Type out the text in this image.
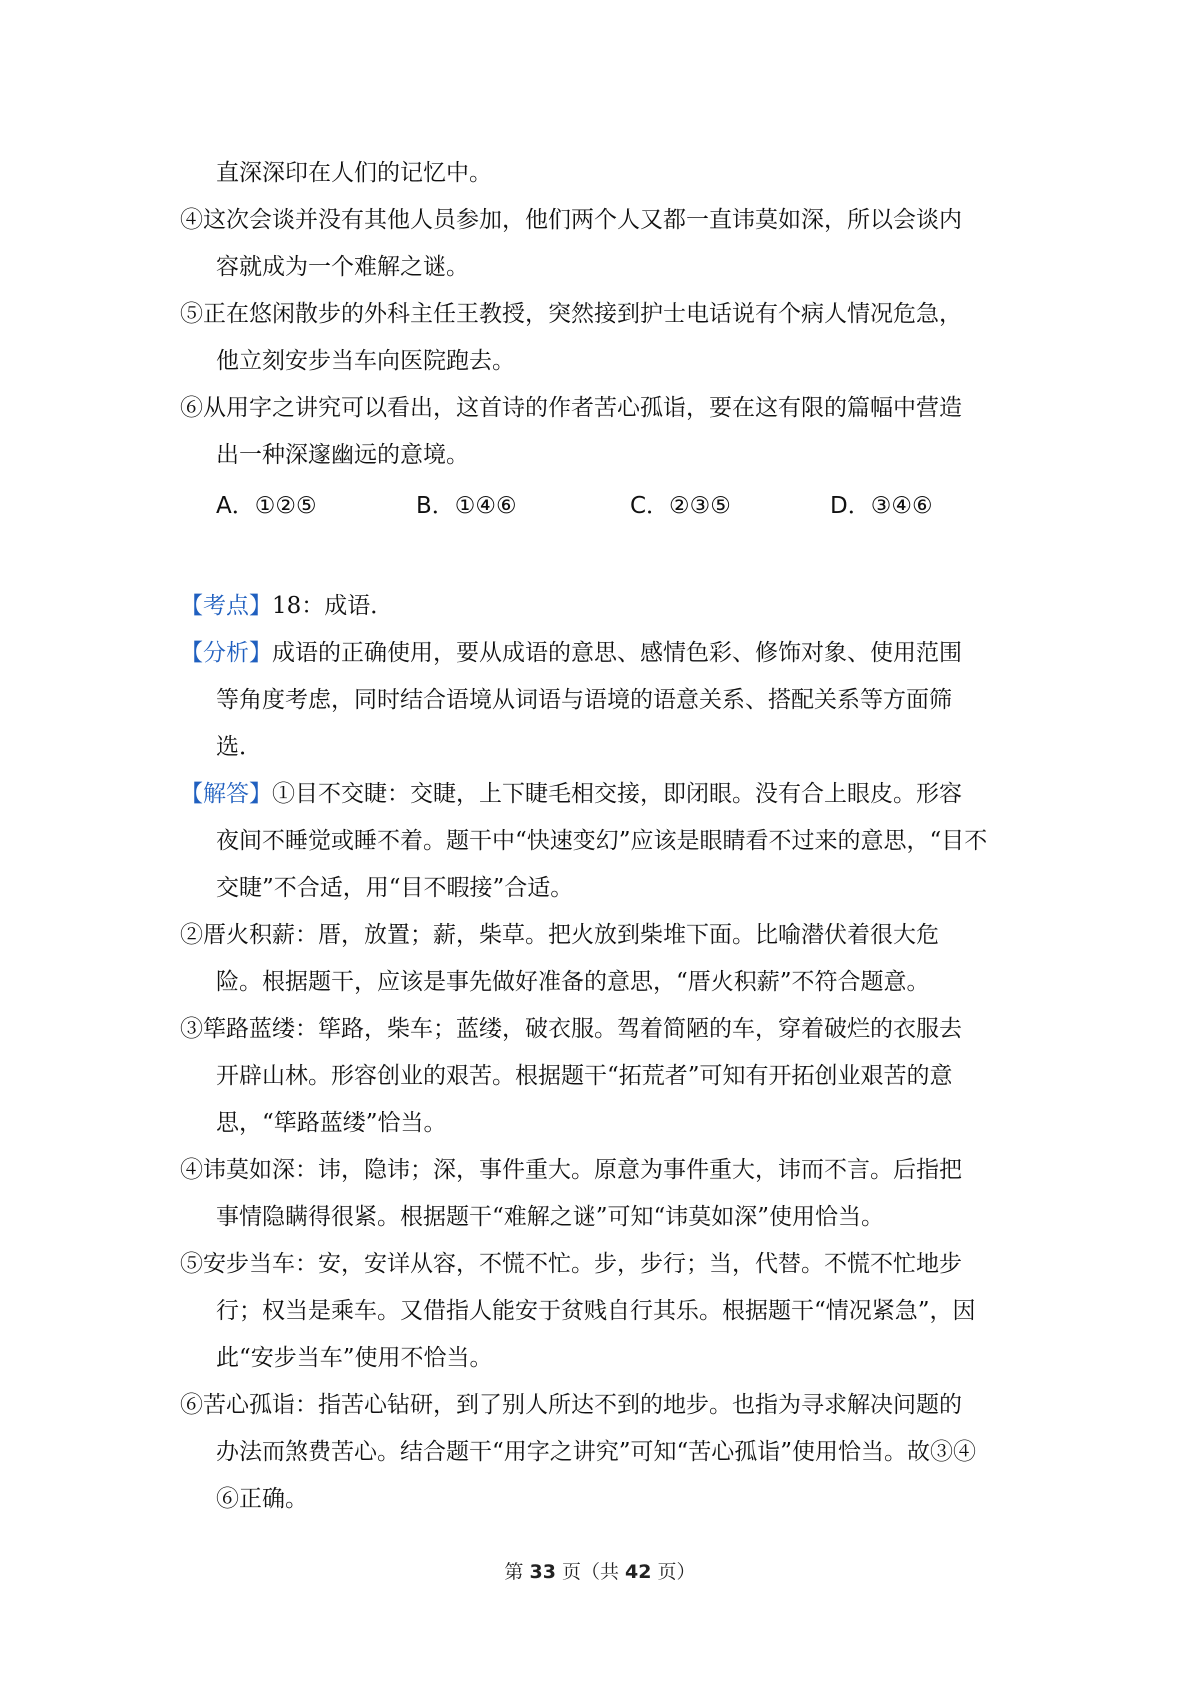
直深深印在人们的记忆中。
④这次会谈并没有其他人员参加，他们两个人又都一直讳莫如深，所以会谈内
容就成为一个难解之谜。
⑤正在悠闲散步的外科主任王教授，突然接到护士电话说有个病人情况危急，
他立刻安步当车向医院跑去。
⑥从用字之讲究可以看出，这首诗的作者苦心孤诣，要在这有限的篇幅中营造
出一种深邃幽远的意境。
A．①②⑤	B．①④⑥	C．②③⑤	D．③④⑥
【考点】18：成语．
【分析】成语的正确使用，要从成语的意思、感情色彩、修饰对象、使用范围
等角度考虑，同时结合语境从词语与语境的语意关系、搭配关系等方面筛
选．
【解答】①目不交睫：交睫，上下睫毛相交接，即闭眼。没有合上眼皮。形容
夜间不睡觉或睡不着。题干中“快速变幻”应该是眼睛看不过来的意思，“目不
交睫”不合适，用“目不暇接”合适。
②厝火积薪：厝，放置；薪，柴草。把火放到柴堆下面。比喻潜伏着很大危
险。根据题干，应该是事先做好准备的意思，“厝火积薪”不符合题意。
③筚路蓝缕：筚路，柴车；蓝缕，破衣服。驾着简陋的车，穿着破烂的衣服去
开辟山林。形容创业的艰苦。根据题干“拓荒者”可知有开拓创业艰苦的意
思，“筚路蓝缕”恰当。
④讳莫如深：讳，隐讳；深，事件重大。原意为事件重大，讳而不言。后指把
事情隐瞒得很紧。根据题干“难解之谜”可知“讳莫如深”使用恰当。
⑤安步当车：安，安详从容，不慌不忙。步，步行；当，代替。不慌不忙地步
行；权当是乘车。又借指人能安于贫贱自行其乐。根据题干“情况紧急”，因
此“安步当车”使用不恰当。
⑥苦心孤诣：指苦心钻研，到了别人所达不到的地步。也指为寻求解决问题的
办法而煞费苦心。结合题干“用字之讲究”可知“苦心孤诣”使用恰当。故③④
⑥正确。
第 33 页（共 42 页）
